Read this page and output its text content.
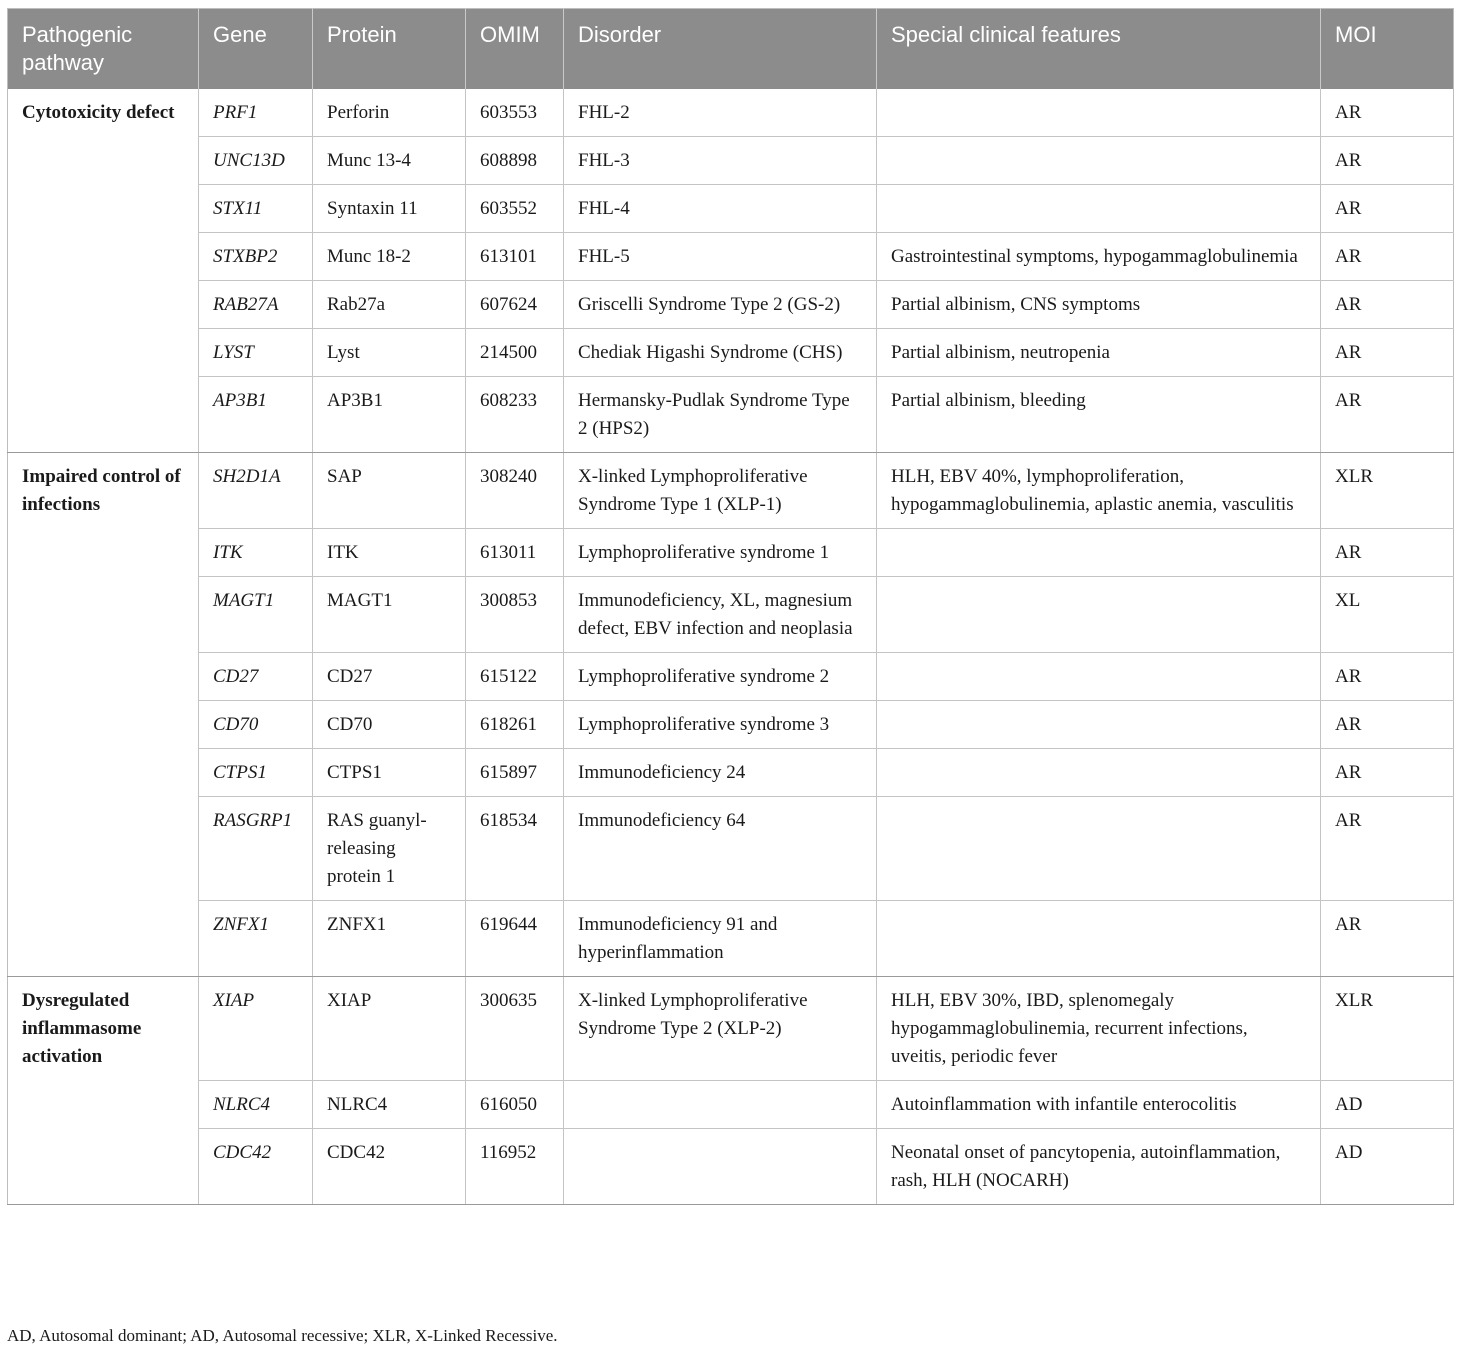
Pathogenic pathway	Gene	Protein	OMIM	Disorder	Special clinical features	MOI
Cytotoxicity defect	PRF1	Perforin	603553	FHL-2		AR
	UNC13D	Munc 13-4	608898	FHL-3		AR
	STX11	Syntaxin 11	603552	FHL-4		AR
	STXBP2	Munc 18-2	613101	FHL-5	Gastrointestinal symptoms, hypogammaglobulinemia	AR
	RAB27A	Rab27a	607624	Griscelli Syndrome Type 2 (GS-2)	Partial albinism, CNS symptoms	AR
	LYST	Lyst	214500	Chediak Higashi Syndrome (CHS)	Partial albinism, neutropenia	AR
	AP3B1	AP3B1	608233	Hermansky-Pudlak Syndrome Type 2 (HPS2)	Partial albinism, bleeding	AR
Impaired control of infections	SH2D1A	SAP	308240	X-linked Lymphoproliferative Syndrome Type 1 (XLP-1)	HLH, EBV 40%, lymphoproliferation, hypogammaglobulinemia, aplastic anemia, vasculitis	XLR
	ITK	ITK	613011	Lymphoproliferative syndrome 1		AR
	MAGT1	MAGT1	300853	Immunodeficiency, XL, magnesium defect, EBV infection and neoplasia		XL
	CD27	CD27	615122	Lymphoproliferative syndrome 2		AR
	CD70	CD70	618261	Lymphoproliferative syndrome 3		AR
	CTPS1	CTPS1	615897	Immunodeficiency 24		AR
	RASGRP1	RAS guanyl-releasing protein 1	618534	Immunodeficiency 64		AR
	ZNFX1	ZNFX1	619644	Immunodeficiency 91 and hyperinflammation		AR
Dysregulated inflammasome activation	XIAP	XIAP	300635	X-linked Lymphoproliferative Syndrome Type 2 (XLP-2)	HLH, EBV 30%, IBD, splenomegaly hypogammaglobulinemia, recurrent infections, uveitis, periodic fever	XLR
	NLRC4	NLRC4	616050		Autoinflammation with infantile enterocolitis	AD
	CDC42	CDC42	116952		Neonatal onset of pancytopenia, autoinflammation, rash, HLH (NOCARH)	AD
AD, Autosomal dominant; AD, Autosomal recessive; XLR, X-Linked Recessive.
